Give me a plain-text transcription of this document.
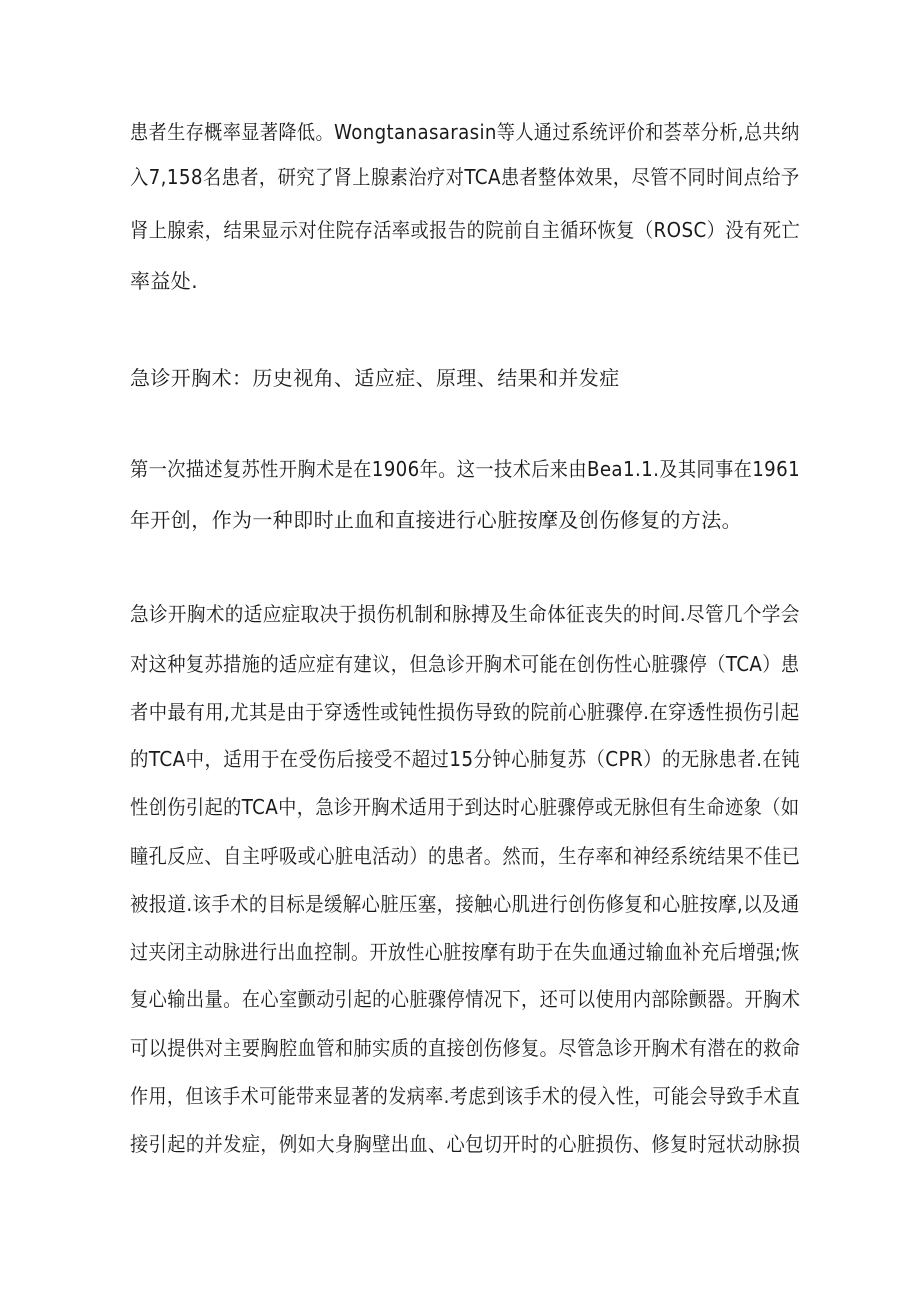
患者生存概率显著降低。Wongtanasarasin等人通过系统评价和荟萃分析,总共纳
入7,158名患者，研究了肾上腺素治疗对TCA患者整体效果，尽管不同时间点给予
肾上腺索，结果显示对住院存活率或报告的院前自主循环恢复（ROSC）没有死亡
率益处.
急诊开胸术：历史视角、适应症、原理、结果和并发症
第一次描述复苏性开胸术是在1906年。这一技术后来由Bea1.1.及其同事在1961
年开创，作为一种即时止血和直接进行心脏按摩及创伤修复的方法。
急诊开胸术的适应症取决于损伤机制和脉搏及生命体征丧失的时间.尽管几个学会
对这种复苏措施的适应症有建议，但急诊开胸术可能在创伤性心脏骤停（TCA）患
者中最有用,尤其是由于穿透性或钝性损伤导致的院前心脏骤停.在穿透性损伤引起
的TCA中，适用于在受伤后接受不超过15分钟心肺复苏（CPR）的无脉患者.在钝
性创伤引起的TCA中，急诊开胸术适用于到达时心脏骤停或无脉但有生命迹象（如
瞳孔反应、自主呼吸或心脏电活动）的患者。然而，生存率和神经系统结果不佳已
被报道.该手术的目标是缓解心脏压塞，接触心肌进行创伤修复和心脏按摩,以及通
过夹闭主动脉进行出血控制。开放性心脏按摩有助于在失血通过输血补充后增强;恢
复心输出量。在心室颤动引起的心脏骤停情况下，还可以使用内部除颤器。开胸术
可以提供对主要胸腔血管和肺实质的直接创伤修复。尽管急诊开胸术有潜在的救命
作用，但该手术可能带来显著的发病率.考虑到该手术的侵入性，可能会导致手术直
接引起的并发症，例如大身胸壁出血、心包切开时的心脏损伤、修复时冠状动脉损
